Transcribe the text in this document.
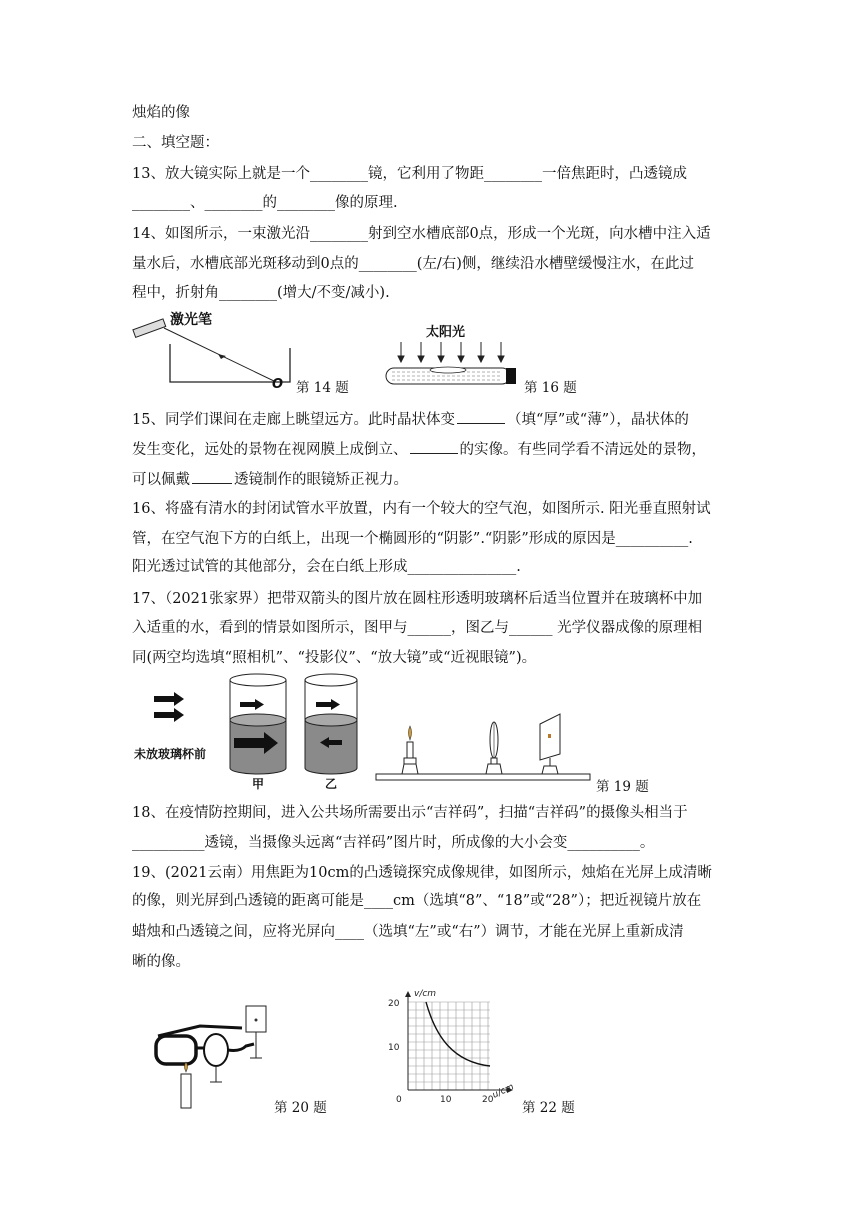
烛焰的像
二、填空题：
13、放大镜实际上就是一个________镜，它利用了物距________一倍焦距时，凸透镜成
________、________的________像的原理.
14、如图所示，一束激光沿________射到空水槽底部0点，形成一个光斑，向水槽中注入适
量水后，水槽底部光斑移动到0点的________(左/右)侧，继续沿水槽壁缓慢注水，在此过
程中，折射角________(增大/不变/减小).
激光笔
O 第 14 题
太阳光
第 16 题
15、同学们课间在走廊上眺望远方。此时晶状体变	（填“厚”或“薄”），晶状体的
发生变化，远处的景物在视网膜上成倒立、	的实像。有些同学看不清远处的景物，
可以佩戴	透镜制作的眼镜矫正视力。
16、将盛有清水的封闭试管水平放置，内有一个较大的空气泡，如图所示. 阳光垂直照射试
管，在空气泡下方的白纸上，出现一个椭圆形的“阴影”.“阴影”形成的原因是__________.
阳光透过试管的其他部分，会在白纸上形成_______________.
17、（2021张家界）把带双箭头的图片放在圆柱形透明玻璃杯后适当位置并在玻璃杯中加
入适重的水，看到的情景如图所示，图甲与______，图乙与______ 光学仪器成像的原理相
同(两空均选填“照相机”、“投影仪”、“放大镜”或“近视眼镜”)。
未放玻璃杯前
甲	乙	第 19 题
18、在疫情防控期间，进入公共场所需要出示“吉祥码”，扫描“吉祥码”的摄像头相当于
__________透镜，当摄像头远离“吉祥码”图片时，所成像的大小会变__________。
19、(2021云南）用焦距为10cm的凸透镜探究成像规律，如图所示，烛焰在光屏上成清晰
的像，则光屏到凸透镜的距离可能是____cm（选填“8”、“18”或“28”）；把近视镜片放在
蜡烛和凸透镜之间，应将光屏向____（选填“左”或“右”）调节，才能在光屏上重新成清
晰的像。
第 20 题
v/cm
u/cm
20
10
0	10	20 第 22 题
